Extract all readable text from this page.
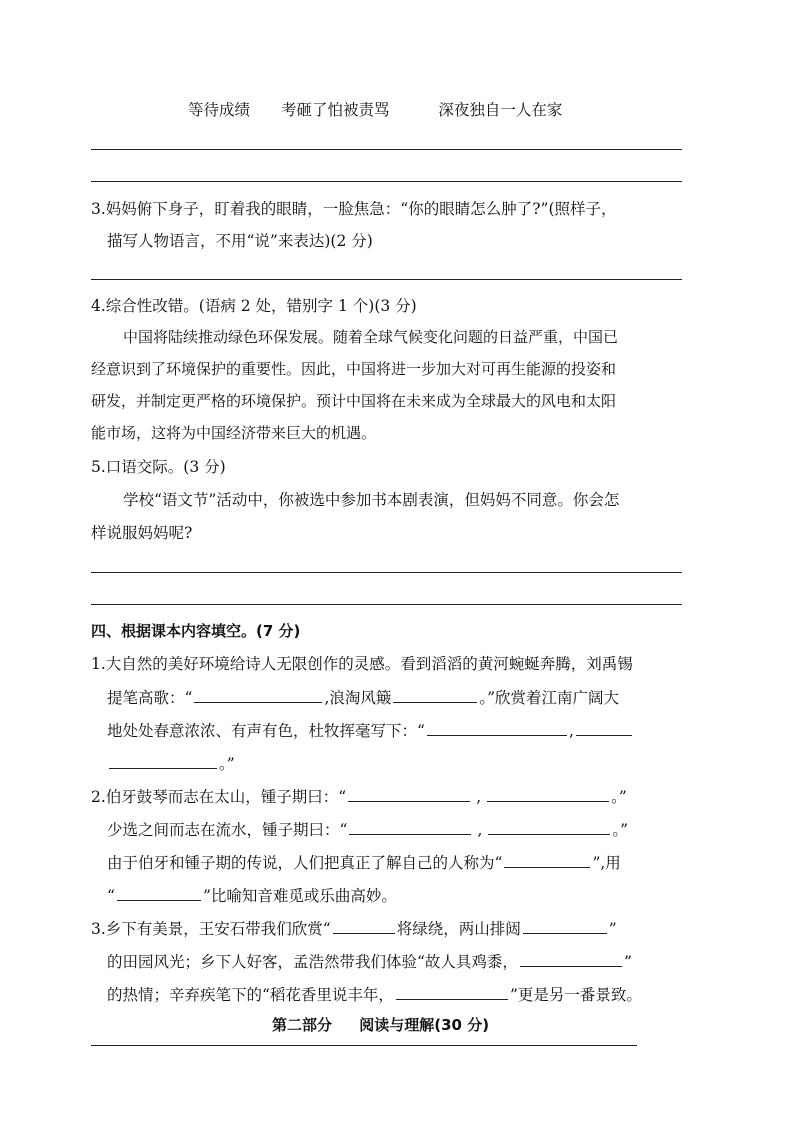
等待成绩 考砸了怕被责骂	深夜独自一人在家
3.妈妈俯下身子，盯着我的眼睛，一脸焦急：“你的眼睛怎么肿了?”(照样子，
描写人物语言，不用“说”来表达)(2 分)
4.综合性改错。(语病 2 处，错别字 1 个)(3 分)
中国将陆续推动绿色环保发展。随着全球气候变化问题的日益严重，中国已
经意识到了环境保护的重要性。因此，中国将进一步加大对可再生能源的投姿和
研发，并制定更严格的环境保护。预计中国将在未来成为全球最大的风电和太阳
能市场，这将为中国经济带来巨大的机遇。
5.口语交际。(3 分)
学校“语文节”活动中，你被选中参加书本剧表演，但妈妈不同意。你会怎
样说服妈妈呢?
四、根据课本内容填空。(7 分)
1.大自然的美好环境给诗人无限创作的灵感。看到滔滔的黄河蜿蜒奔腾，刘禹锡
提笔高歌：“	,浪淘风簸	。”欣赏着江南广阔大
地处处春意浓浓、有声有色，杜牧挥毫写下：“	,
。”
2.伯牙鼓琴而志在太山，锺子期曰：“	,	。”
少选之间而志在流水，锺子期曰：“	,	。”
由于伯牙和锺子期的传说，人们把真正了解自己的人称为“	”,用
“	”比喻知音难觅或乐曲高妙。
3.乡下有美景，王安石带我们欣赏“	将绿绕，两山排闼	”
的田园风光；乡下人好客，孟浩然带我们体验“故人具鸡黍，	”
的热情；辛弃疾笔下的“稻花香里说丰年，	”更是另一番景致。
第二部分 阅读与理解(30 分)
